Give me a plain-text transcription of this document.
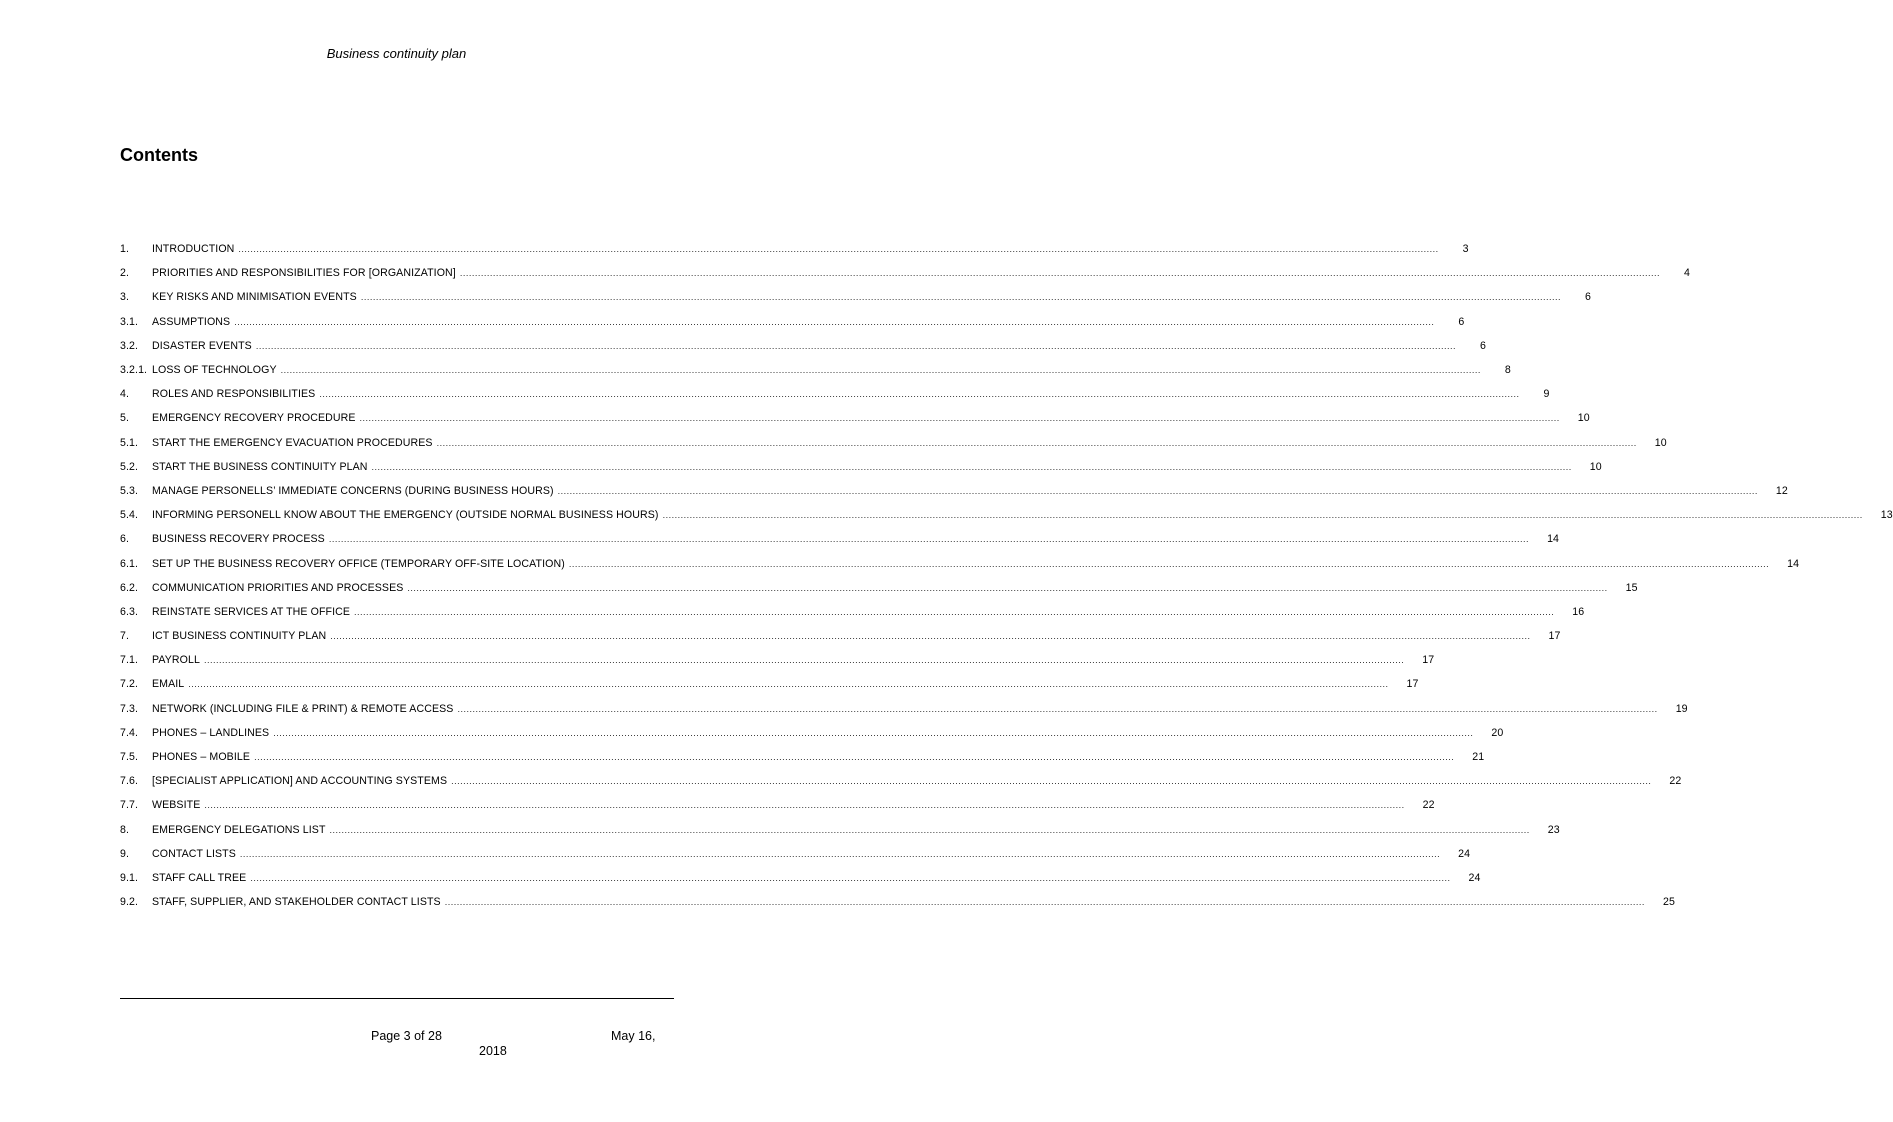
Business continuity plan
Contents
1.	INTRODUCTION ................................................................................................................................................................................................................................................................................................................................................................................................................	3
2.	PRIORITIES AND RESPONSIBILITIES FOR [ORGANIZATION] ................................................................................................................................................................................................................................................................................................................................................................................................................	4
3.	KEY RISKS AND MINIMISATION EVENTS ................................................................................................................................................................................................................................................................................................................................................................................................................	6
3.1.	ASSUMPTIONS ................................................................................................................................................................................................................................................................................................................................................................................................................	6
3.2.	DISASTER EVENTS ................................................................................................................................................................................................................................................................................................................................................................................................................	6
3.2.1. LOSS OF TECHNOLOGY ................................................................................................................................................................................................................................................................................................................................................................................................................	8
4.	ROLES AND RESPONSIBILITIES ................................................................................................................................................................................................................................................................................................................................................................................................................	9
5.	EMERGENCY RECOVERY PROCEDURE ................................................................................................................................................................................................................................................................................................................................................................................................................	10
5.1.	START THE EMERGENCY EVACUATION PROCEDURES ................................................................................................................................................................................................................................................................................................................................................................................................................	10
5.2.	START THE BUSINESS CONTINUITY PLAN ................................................................................................................................................................................................................................................................................................................................................................................................................	10
5.3.	MANAGE PERSONELLS’ IMMEDIATE CONCERNS (DURING BUSINESS HOURS) ................................................................................................................................................................................................................................................................................................................................................................................................................	12
5.4.	INFORMING PERSONELL KNOW ABOUT THE EMERGENCY (OUTSIDE NORMAL BUSINESS HOURS) ................................................................................................................................................................................................................................................................................................................................................................................................................	13
6.	BUSINESS RECOVERY PROCESS ................................................................................................................................................................................................................................................................................................................................................................................................................	14
6.1.	SET UP THE BUSINESS RECOVERY OFFICE (TEMPORARY OFF-SITE LOCATION) ................................................................................................................................................................................................................................................................................................................................................................................................................	14
6.2.	COMMUNICATION PRIORITIES AND PROCESSES ................................................................................................................................................................................................................................................................................................................................................................................................................	15
6.3.	REINSTATE SERVICES AT THE OFFICE ................................................................................................................................................................................................................................................................................................................................................................................................................	16
7.	ICT BUSINESS CONTINUITY PLAN ................................................................................................................................................................................................................................................................................................................................................................................................................	17
7.1.	PAYROLL ................................................................................................................................................................................................................................................................................................................................................................................................................	17
7.2.	EMAIL ................................................................................................................................................................................................................................................................................................................................................................................................................	17
7.3.	NETWORK (INCLUDING FILE & PRINT) & REMOTE ACCESS ................................................................................................................................................................................................................................................................................................................................................................................................................	19
7.4.	PHONES – LANDLINES ................................................................................................................................................................................................................................................................................................................................................................................................................	20
7.5.	PHONES – MOBILE ................................................................................................................................................................................................................................................................................................................................................................................................................	21
7.6.	[SPECIALIST APPLICATION] AND ACCOUNTING SYSTEMS ................................................................................................................................................................................................................................................................................................................................................................................................................	22
7.7.	WEBSITE ................................................................................................................................................................................................................................................................................................................................................................................................................	22
8.	EMERGENCY DELEGATIONS LIST ................................................................................................................................................................................................................................................................................................................................................................................................................	23
9.	CONTACT LISTS ................................................................................................................................................................................................................................................................................................................................................................................................................	24
9.1.	STAFF CALL TREE ................................................................................................................................................................................................................................................................................................................................................................................................................	24
9.2.	STAFF, SUPPLIER, AND STAKEHOLDER CONTACT LISTS ................................................................................................................................................................................................................................................................................................................................................................................................................	25
Page 3 of 28	May 16,
2018
